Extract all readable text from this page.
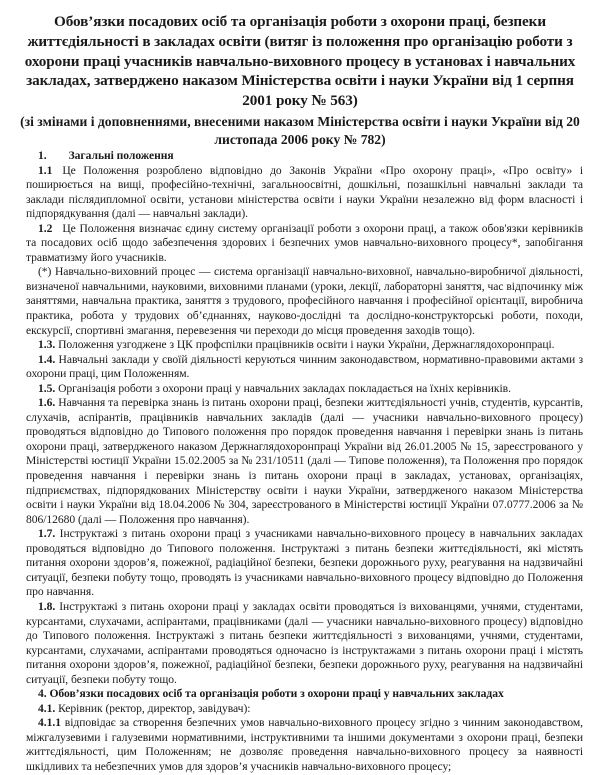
Обов’язки посадових осіб та організація роботи з охорони праці, безпеки життєдіяльності в закладах освіти (витяг із положення про організацію роботи з охорони праці учасників навчально-виховного процесу в установах і навчальних закладах, затверджено наказом Міністерства освіти і науки України від 1 серпня 2001 року № 563)
(зі змінами і доповненнями, внесеними наказом Міністерства освіти і науки України від 20 листопада 2006 року № 782)

1. Загальні положення

1.1 Це Положення розроблено відповідно до Законів України «Про охорону праці», «Про освіту» і поширюється на вищі, професійно-технічні, загальноосвітні, дошкільні, позашкільні навчальні заклади та заклади післядипломної освіти, установи міністерства освіти і науки України незалежно від форм власності і підпорядкування (далі — навчальні заклади).

1.2 Це Положення визначає єдину систему організації роботи з охорони праці, а також обов'язки керівників та посадових осіб щодо забезпечення здорових і безпечних умов навчально-виховного процесу*, запобігання травматизму його учасників.

(*) Навчально-виховний процес — система організації навчально-виховної, навчально-виробничої діяльності, визначеної навчальними, науковими, виховними планами (уроки, лекції, лабораторні заняття, час відпочинку між заняттями, навчальна практика, заняття з трудового, професійного навчання і професійної орієнтації, виробнича практика, робота у трудових об’єднаннях, науково-дослідні та дослідно-конструкторські роботи, походи, екскурсії, спортивні змагання, перевезення чи переходи до місця проведення заходів тощо).

1.3. Положення узгоджене з ЦК профспілки працівників освіти і науки України, Держнаглядохоронпраці.

1.4. Навчальні заклади у своїй діяльності керуються чинним законодавством, нормативно-правовими актами з охорони праці, цим Положенням.

1.5. Організація роботи з охорони праці у навчальних закладах покладається на їхніх керівників.

1.6. Навчання та перевірка знань із питань охорони праці, безпеки життєдіяльності учнів, студентів, курсантів, слухачів, аспірантів, працівників навчальних закладів (далі — учасники навчально-виховного процесу) проводяться відповідно до Типового положення про порядок проведення навчання і перевірки знань із питань охорони праці, затвердженого наказом Держнаглядохоронпраці України від 26.01.2005 № 15, зареєстрованого у Міністерстві юстиції України 15.02.2005 за № 231/10511 (далі — Типове положення), та Положення про порядок проведення навчання і перевірки знань із питань охорони праці в закладах, установах, організаціях, підприємствах, підпорядкованих Міністерству освіти і науки України, затвердженого наказом Міністерства освіти і науки України від 18.04.2006 № 304, зареєстрованого в Міністерстві юстиції України 07.0777.2006 за № 806/12680 (далі — Положення про навчання).

1.7. Інструктажі з питань охорони праці з учасниками навчально-виховного процесу в навчальних закладах проводяться відповідно до Типового положення. Інструктажі з питань безпеки життєдіяльності, які містять питання охорони здоров’я, пожежної, радіаційної безпеки, безпеки дорожнього руху, реагування на надзвичайні ситуації, безпеки побуту тощо, проводять із учасниками навчально-виховного процесу відповідно до Положення про навчання.

1.8. Інструктажі з питань охорони праці у закладах освіти проводяться із вихованцями, учнями, студентами, курсантами, слухачами, аспірантами, працівниками (далі — учасники навчально-виховного процесу) відповідно до Типового положення. Інструктажі з питань безпеки життєдіяльності з вихованцями, учнями, студентами, курсантами, слухачами, аспірантами проводяться одночасно із інструктажами з питань охорони праці і містять питання охорони здоров’я, пожежної, радіаційної безпеки, безпеки дорожнього руху, реагування на надзвичайні ситуації, безпеки побуту тощо.

4. Обов’язки посадових осіб та організація роботи з охорони праці у навчальних закладах

4.1. Керівник (ректор, директор, завідувач):

4.1.1 відповідає за створення безпечних умов навчально-виховного процесу згідно з чинним законодавством, міжгалузевими і галузевими нормативними, інструктивними та іншими документами з охорони праці, безпеки життєдіяльності, цим Положенням; не дозволяє проведення навчально-виховного процесу за наявності шкідливих та небезпечних умов для здоров’я учасників навчально-виховного процесу;
